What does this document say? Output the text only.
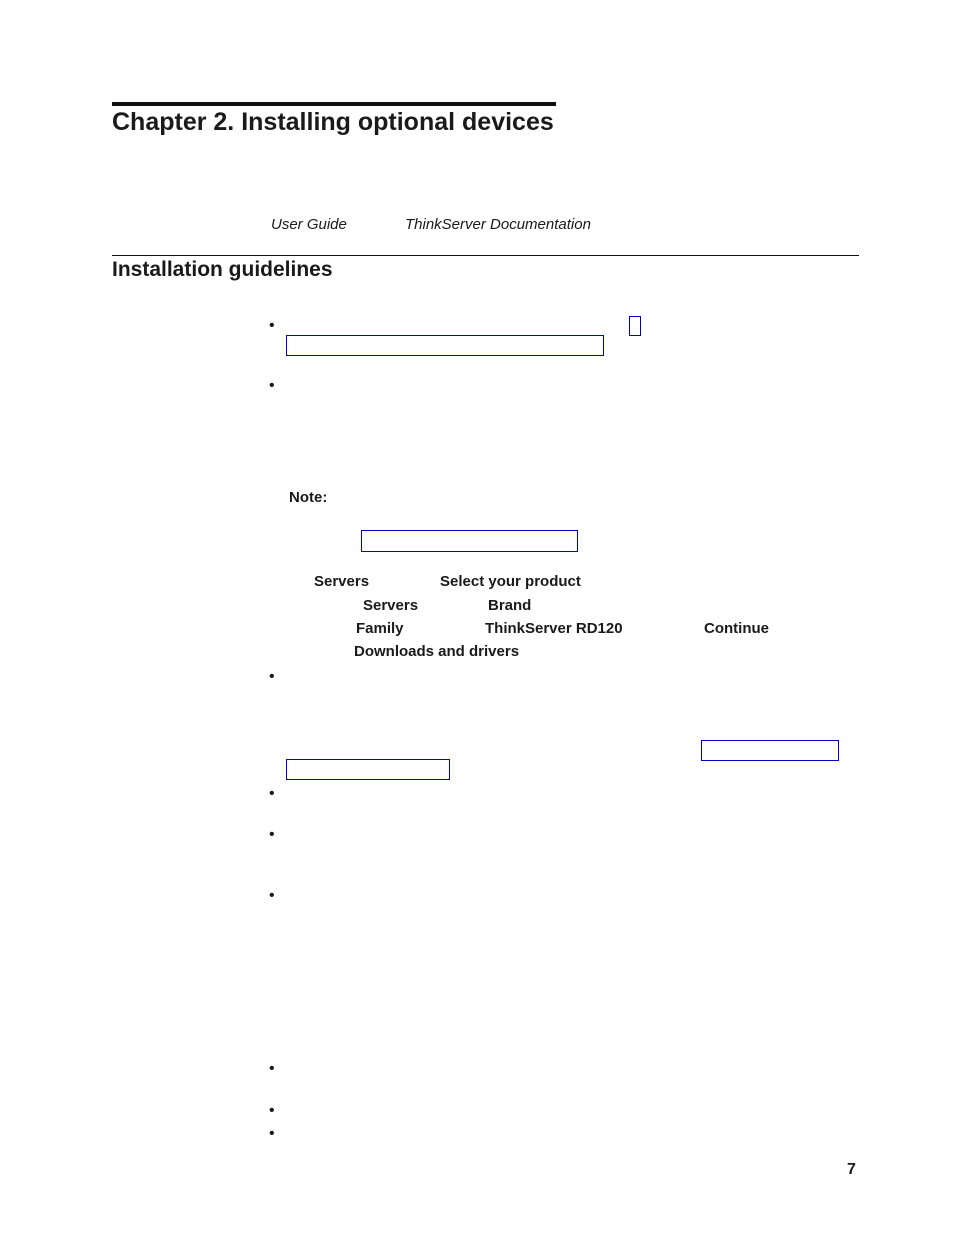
Chapter 2. Installing optional devices
User Guide	ThinkServer Documentation
Installation guidelines
•
•
Note:
Servers	Select your product
Servers	Brand
Family	ThinkServer RD120	Continue
Downloads and drivers
•
•
•
•
•
•
•
7
